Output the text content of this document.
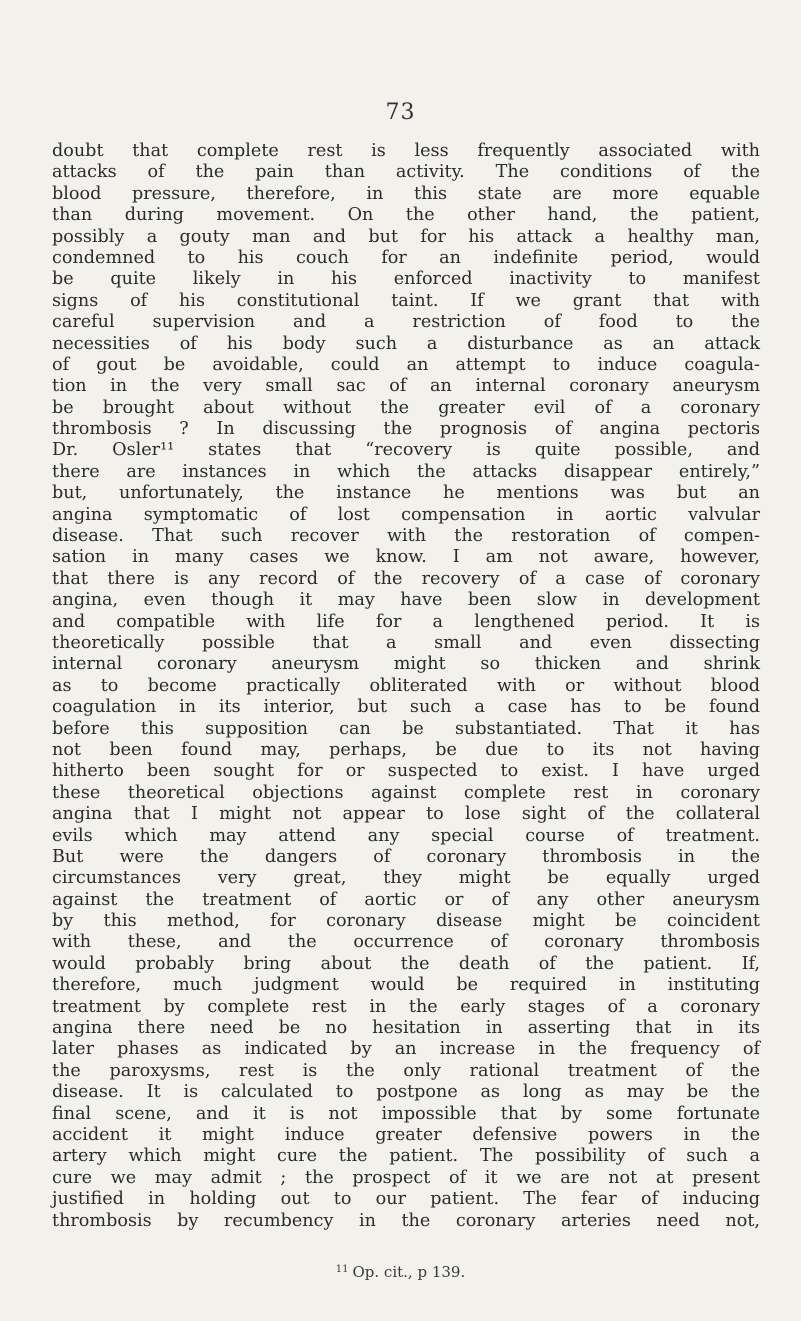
73
doubt that complete rest is less frequently associated with
attacks of the pain than activity. The conditions of the
blood pressure, therefore, in this state are more equable
than during movement. On the other hand, the patient,
possibly a gouty man and but for his attack a healthy man,
condemned to his couch for an indefinite period, would
be quite likely in his enforced inactivity to manifest
signs of his constitutional taint. If we grant that with
careful supervision and a restriction of food to the
necessities of his body such a disturbance as an attack
of gout be avoidable, could an attempt to induce coagula-
tion in the very small sac of an internal coronary aneurysm
be brought about without the greater evil of a coronary
thrombosis ? In discussing the prognosis of angina pectoris
Dr. Osler¹¹ states that “recovery is quite possible, and
there are instances in which the attacks disappear entirely,”
but, unfortunately, the instance he mentions was but an
angina symptomatic of lost compensation in aortic valvular
disease. That such recover with the restoration of compen-
sation in many cases we know. I am not aware, however,
that there is any record of the recovery of a case of coronary
angina, even though it may have been slow in development
and compatible with life for a lengthened period. It is
theoretically possible that a small and even dissecting
internal coronary aneurysm might so thicken and shrink
as to become practically obliterated with or without blood
coagulation in its interior, but such a case has to be found
before this supposition can be substantiated. That it has
not been found may, perhaps, be due to its not having
hitherto been sought for or suspected to exist. I have urged
these theoretical objections against complete rest in coronary
angina that I might not appear to lose sight of the collateral
evils which may attend any special course of treatment.
But were the dangers of coronary thrombosis in the
circumstances very great, they might be equally urged
against the treatment of aortic or of any other aneurysm
by this method, for coronary disease might be coincident
with these, and the occurrence of coronary thrombosis
would probably bring about the death of the patient. If,
therefore, much judgment would be required in instituting
treatment by complete rest in the early stages of a coronary
angina there need be no hesitation in asserting that in its
later phases as indicated by an increase in the frequency of
the paroxysms, rest is the only rational treatment of the
disease. It is calculated to postpone as long as may be the
final scene, and it is not impossible that by some fortunate
accident it might induce greater defensive powers in the
artery which might cure the patient. The possibility of such a
cure we may admit ; the prospect of it we are not at present
justified in holding out to our patient. The fear of inducing
thrombosis by recumbency in the coronary arteries need not,
$^{11}$ Op. cit., p 139.
